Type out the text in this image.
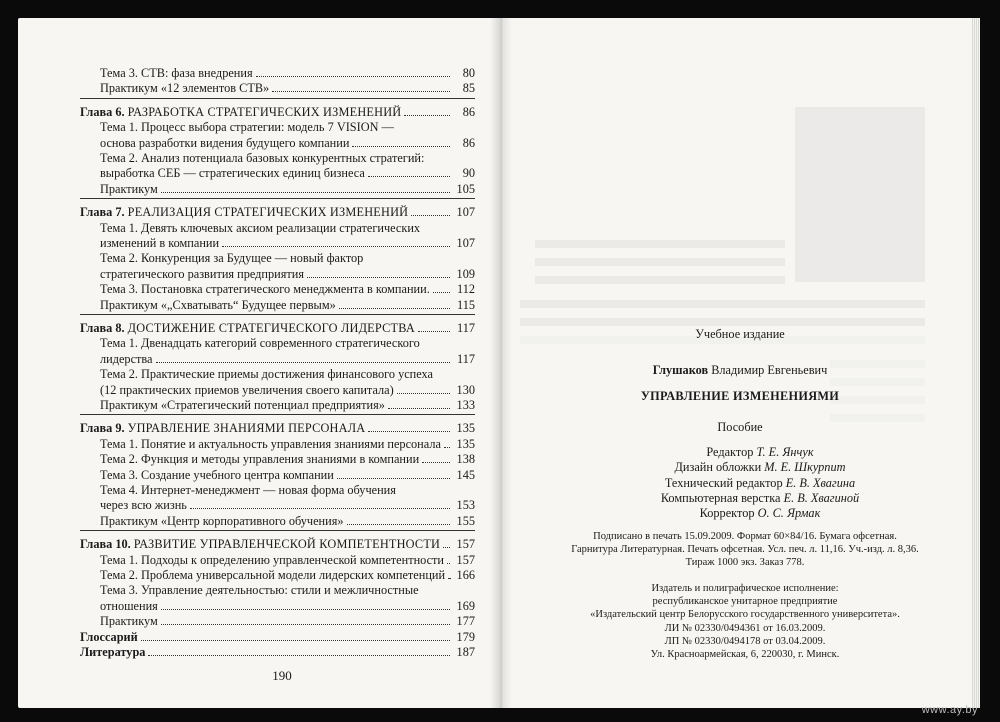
Тема 3. СТВ: фаза внедрения	80
Практикум «12 элементов СТВ»	85
Глава 6. РАЗРАБОТКА СТРАТЕГИЧЕСКИХ ИЗМЕНЕНИЙ	86
Тема 1. Процесс выбора стратегии: модель 7 VISION —
основа разработки видения будущего компании	86
Тема 2. Анализ потенциала базовых конкурентных стратегий:
выработка СЕБ — стратегических единиц бизнеса	90
Практикум	105
Глава 7. РЕАЛИЗАЦИЯ СТРАТЕГИЧЕСКИХ ИЗМЕНЕНИЙ	107
Тема 1. Девять ключевых аксиом реализации стратегических
изменений в компании	107
Тема 2. Конкуренция за Будущее — новый фактор
стратегического развития предприятия	109
Тема 3. Постановка стратегического менеджмента в компании.	112
Практикум «„Схватывать“ Будущее первым»	115
Глава 8. ДОСТИЖЕНИЕ СТРАТЕГИЧЕСКОГО ЛИДЕРСТВА	117
Тема 1. Двенадцать категорий современного стратегического
лидерства	117
Тема 2. Практические приемы достижения финансового успеха
(12 практических приемов увеличения своего капитала)	130
Практикум «Стратегический потенциал предприятия»	133
Глава 9. УПРАВЛЕНИЕ ЗНАНИЯМИ ПЕРСОНАЛА	135
Тема 1. Понятие и актуальность управления знаниями персонала 135
Тема 2. Функция и методы управления знаниями в компании	138
Тема 3. Создание учебного центра компании	145
Тема 4. Интернет-менеджмент — новая форма обучения
через всю жизнь	153
Практикум «Центр корпоративного обучения»	155
Глава 10. РАЗВИТИЕ УПРАВЛЕНЧЕСКОЙ КОМПЕТЕНТНОСТИ 157
Тема 1. Подходы к определению управленческой компетентности 157
Тема 2. Проблема универсальной модели лидерских компетенций 166
Тема 3. Управление деятельностью: стили и межличностные
отношения	169
Практикум	177
Глоссарий	179
Литература	187
190
Учебное издание
Глушаков Владимир Евгеньевич
УПРАВЛЕНИЕ ИЗМЕНЕНИЯМИ
Пособие
Редактор Т. Е. Янчук
Дизайн обложки М. Е. Шкурпит
Технический редактор Е. В. Хвагина
Компьютерная верстка Е. В. Хвагиной
Корректор О. С. Ярмак
Подписано в печать 15.09.2009. Формат 60×84/16. Бумага офсетная.
Гарнитура Литературная. Печать офсетная. Усл. печ. л. 11,16. Уч.-изд. л. 8,36.
Тираж 1000 экз. Заказ 778.
Издатель и полиграфическое исполнение:
республиканское унитарное предприятие
«Издательский центр Белорусского государственного университета».
ЛИ № 02330/0494361 от 16.03.2009.
ЛП № 02330/0494178 от 03.04.2009.
Ул. Красноармейская, 6, 220030, г. Минск.
www.ay.by
